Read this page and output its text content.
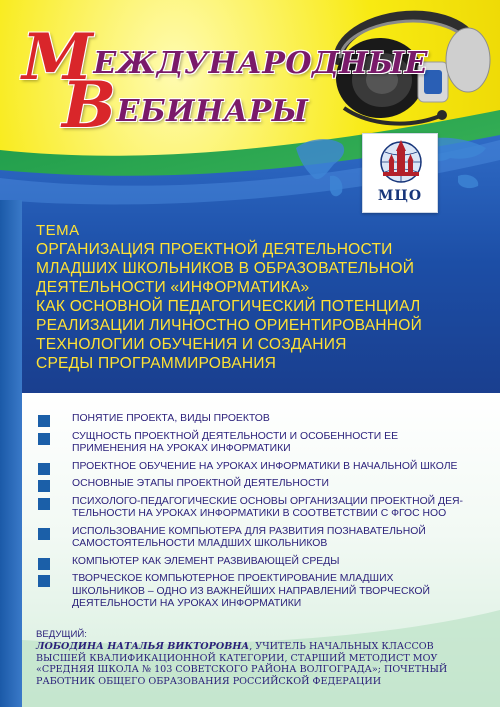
МЕЖДУНАРОДНЫЕ
ВЕБИНАРЫ
МЦО
ТЕМА
ОРГАНИЗАЦИЯ ПРОЕКТНОЙ ДЕЯТЕЛЬНОСТИ
МЛАДШИХ ШКОЛЬНИКОВ В ОБРАЗОВАТЕЛЬНОЙ
ДЕЯТЕЛЬНОСТИ «ИНФОРМАТИКА»
КАК ОСНОВНОЙ ПЕДАГОГИЧЕСКИЙ ПОТЕНЦИАЛ
РЕАЛИЗАЦИИ ЛИЧНОСТНО ОРИЕНТИРОВАННОЙ
ТЕХНОЛОГИИ ОБУЧЕНИЯ И СОЗДАНИЯ
СРЕДЫ ПРОГРАММИРОВАНИЯ
ПОНЯТИЕ ПРОЕКТА, ВИДЫ ПРОЕКТОВ
СУЩНОСТЬ ПРОЕКТНОЙ ДЕЯТЕЛЬНОСТИ И ОСОБЕННОСТИ ЕЕ
ПРИМЕНЕНИЯ НА УРОКАХ ИНФОРМАТИКИ
ПРОЕКТНОЕ ОБУЧЕНИЕ НА УРОКАХ ИНФОРМАТИКИ В НАЧАЛЬНОЙ ШКОЛЕ
ОСНОВНЫЕ ЭТАПЫ ПРОЕКТНОЙ ДЕЯТЕЛЬНОСТИ
ПСИХОЛОГО-ПЕДАГОГИЧЕСКИЕ ОСНОВЫ ОРГАНИЗАЦИИ ПРОЕКТНОЙ ДЕЯ-
ТЕЛЬНОСТИ НА УРОКАХ ИНФОРМАТИКИ В СООТВЕТСТВИИ С ФГОС НОО
ИСПОЛЬЗОВАНИЕ КОМПЬЮТЕРА ДЛЯ РАЗВИТИЯ ПОЗНАВАТЕЛЬНОЙ
САМОСТОЯТЕЛЬНОСТИ МЛАДШИХ ШКОЛЬНИКОВ
КОМПЬЮТЕР КАК ЭЛЕМЕНТ РАЗВИВАЮЩЕЙ СРЕДЫ
ТВОРЧЕСКОЕ КОМПЬЮТЕРНОЕ ПРОЕКТИРОВАНИЕ МЛАДШИХ
ШКОЛЬНИКОВ – ОДНО ИЗ ВАЖНЕЙШИХ НАПРАВЛЕНИЙ ТВОРЧЕСКОЙ
ДЕЯТЕЛЬНОСТИ НА УРОКАХ ИНФОРМАТИКИ
ВЕДУЩИЙ:
ЛОБОДИНА НАТАЛЬЯ ВИКТОРОВНА, УЧИТЕЛЬ НАЧАЛЬНЫХ КЛАССОВ
ВЫСШЕЙ КВАЛИФИКАЦИОННОЙ КАТЕГОРИИ, СТАРШИЙ МЕТОДИСТ МОУ
«СРЕДНЯЯ ШКОЛА № 103 СОВЕТСКОГО РАЙОНА ВОЛГОГРАДА»; ПОЧЕТНЫЙ
РАБОТНИК ОБЩЕГО ОБРАЗОВАНИЯ РОССИЙСКОЙ ФЕДЕРАЦИИ
